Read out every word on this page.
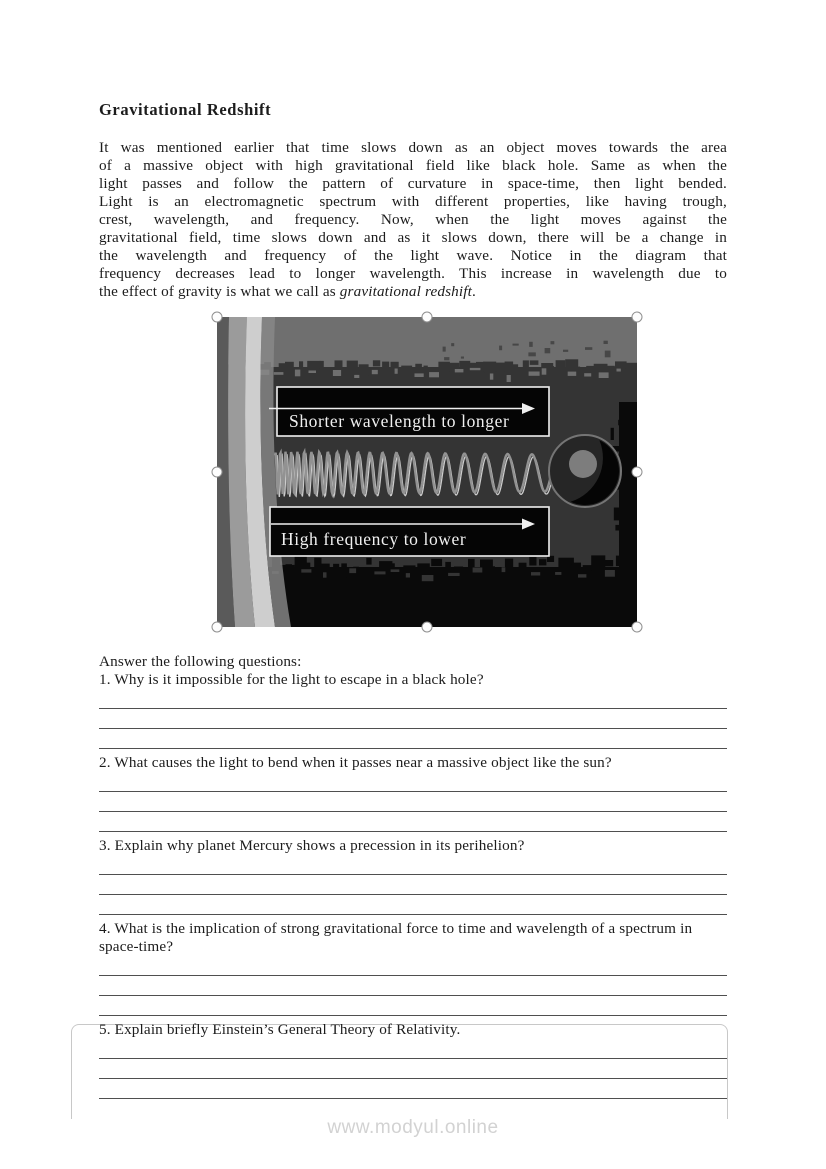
Gravitational Redshift
It was mentioned earlier that time slows down as an object moves towards the area
of a massive object with high gravitational field like black hole. Same as when the
light passes and follow the pattern of curvature in space-time, then light bended.
Light is an electromagnetic spectrum with different properties, like having trough,
crest, wavelength, and frequency. Now, when the light moves against the
gravitational field, time slows down and as it slows down, there will be a change in
the wavelength and frequency of the light wave. Notice in the diagram that
frequency decreases lead to longer wavelength. This increase in wavelength due to
the effect of gravity is what we call as gravitational redshift.
Shorter wavelength to longer
High frequency to lower
Answer the following questions:
1. Why is it impossible for the light to escape in a black hole?
2. What causes the light to bend when it passes near a massive object like the sun?
3. Explain why planet Mercury shows a precession in its perihelion?
4. What is the implication of strong gravitational force to time and wavelength of a spectrum in space-time?
5. Explain briefly Einstein’s General Theory of Relativity.
www.modyul.online
